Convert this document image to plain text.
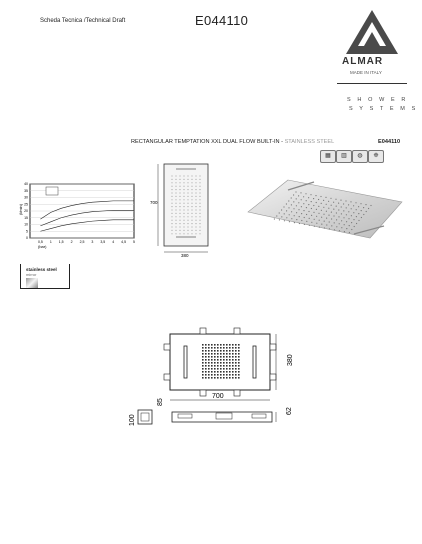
Scheda Tecnica /Technical Draft	E044110
ALMAR
MADE IN ITALY
S H O W E R
S Y S T E M S
RECTANGULAR TEMPTATION XXL DUAL FLOW BUILT-IN - STAINLESS STEEL	E044110
▦	▥	◍	❉
0,5 1 1,5 2 2,5 3 3,5 4 4,5 5
0
5
10
15
20
25
30
35
40
(bar)
(l/min)
stainless steel
mirror
700
380
700
380
100
85
62
